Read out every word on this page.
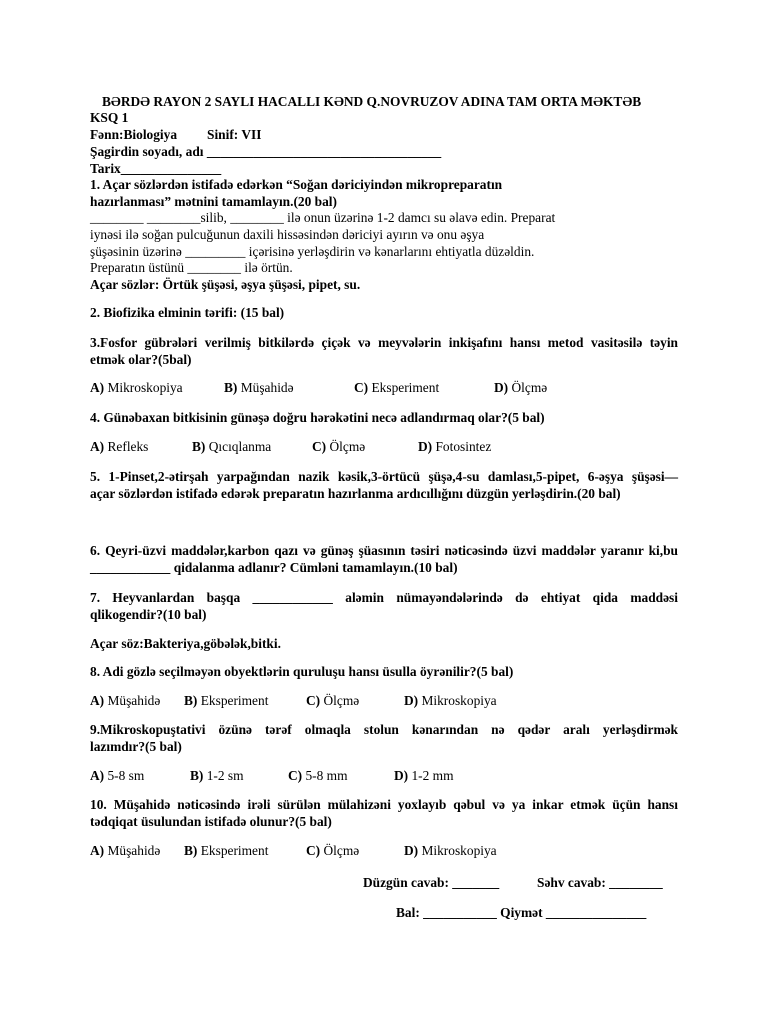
BƏRDƏ RAYON 2 SAYLI HACALLI KƏND Q.NOVRUZOV ADINA TAM ORTA MƏKTƏB
KSQ 1
Fənn:Biologiya Sinif: VII
Şagirdin soyadı, adı ___________________________________
Tarix_______________
1. Açar sözlərdən istifadə edərkən “Soğan dəriciyindən mikropreparatın
hazırlanması” mətnini tamamlayın.(20 bal)
________ ________silib, ________ ilə onun üzərinə 1-2 damcı su əlavə edin. Preparat
iynəsi ilə soğan pulcuğunun daxili hissəsindən dəriciyi ayırın və onu əşya
şüşəsinin üzərinə _________ içərisinə yerləşdirin və kənarlarını ehtiyatla düzəldin.
Preparatın üstünü ________ ilə örtün.
Açar sözlər: Örtük şüşəsi, əşya şüşəsi, pipet, su.
2. Biofizika elminin tərifi: (15 bal)
3.Fosfor gübrələri verilmiş bitkilərdə çiçək və meyvələrin inkişafını hansı metod vasitəsilə təyin
etmək olar?(5bal)
A) Mikroskopiya	B) Müşahidə	C) Eksperiment	D) Ölçmə
4. Günəbaxan bitkisinin günəşə doğru hərəkətini necə adlandırmaq olar?(5 bal)
A) Refleks	B) Qıcıqlanma	C) Ölçmə	D) Fotosintez
5. 1-Pinset,2-ətirşah yarpağından nazik kəsik,3-örtücü şüşə,4-su damlası,5-pipet, 6-əşya şüşəsi—
açar sözlərdən istifadə edərək preparatın hazırlanma ardıcıllığını düzgün yerləşdirin.(20 bal)
6. Qeyri-üzvi maddələr,karbon qazı və günəş şüasının təsiri nəticəsində üzvi maddələr yaranır ki,bu
____________ qidalanma adlanır? Cümləni tamamlayın.(10 bal)
7. Heyvanlardan başqa ____________ aləmin nümayəndələrində də ehtiyat qida maddəsi
qlikogendir?(10 bal)
Açar söz:Bakteriya,göbələk,bitki.
8. Adi gözlə seçilməyən obyektlərin quruluşu hansı üsulla öyrənilir?(5 bal)
A) Müşahidə B) Eksperiment	C) Ölçmə	D) Mikroskopiya
9.Mikroskopuştativi özünə tərəf olmaqla stolun kənarından nə qədər aralı yerləşdirmək
lazımdır?(5 bal)
A) 5-8 sm	B) 1-2 sm	C) 5-8 mm	D) 1-2 mm
10. Müşahidə nəticəsində irəli sürülən mülahizəni yoxlayıb qəbul və ya inkar etmək üçün hansı
tədqiqat üsulundan istifadə olunur?(5 bal)
A) Müşahidə B) Eksperiment	C) Ölçmə	D) Mikroskopiya
Düzgün cavab: _______	Səhv cavab: ________
Bal: ___________ Qiymət _______________
